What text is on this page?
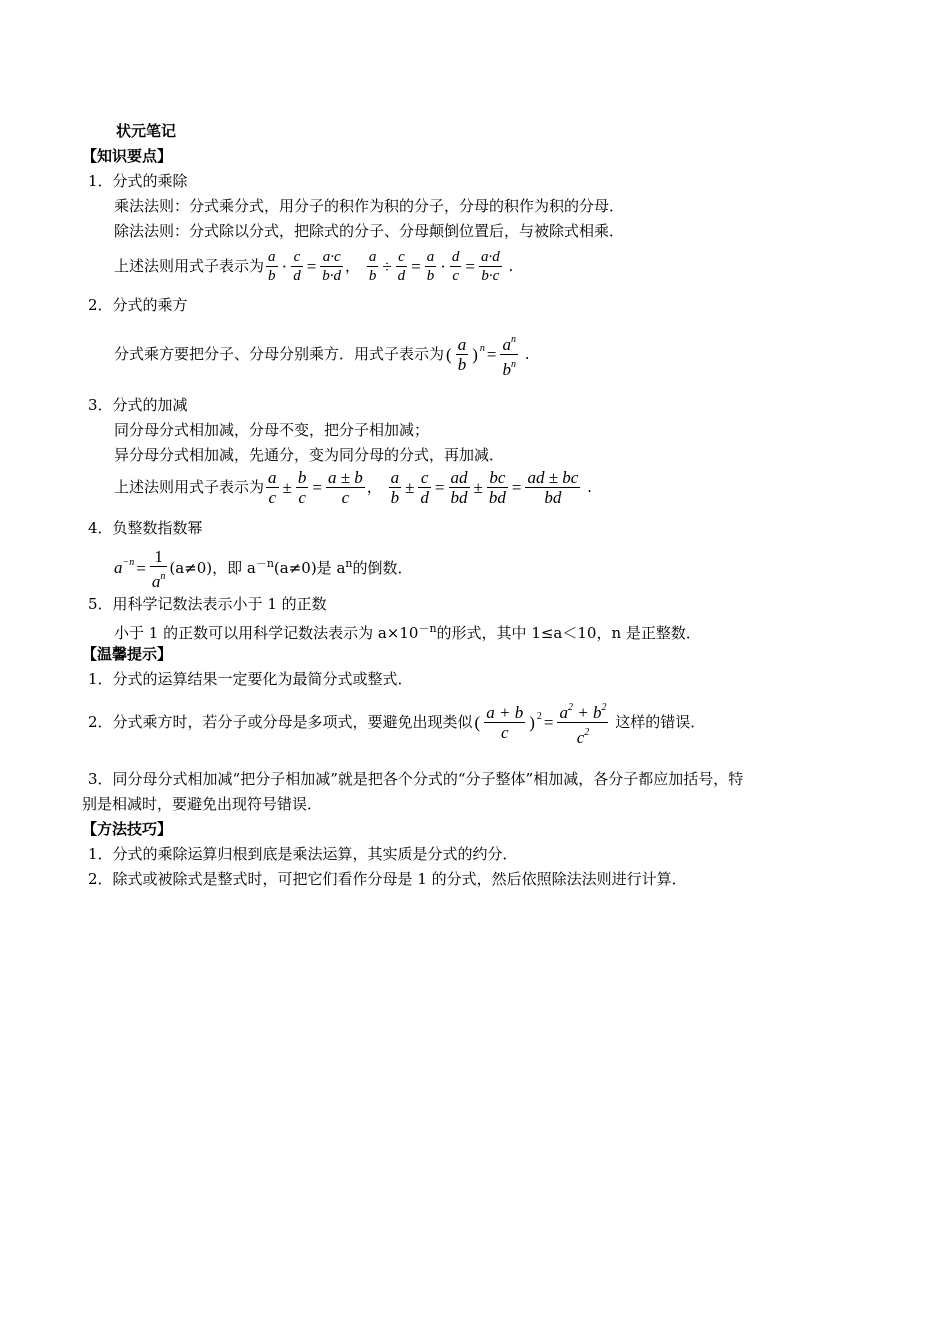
状元笔记
【知识要点】
1．分式的乘除
乘法法则：分式乘分式，用分子的积作为积的分子，分母的积作为积的分母．
除法法则：分式除以分式，把除式的分子、分母颠倒位置后，与被除式相乘．
上述法则用式子表示为 $\frac{a}{b} \cdot \frac{c}{d} = \frac{a\cdot c}{b\cdot d}$ ， $\frac{a}{b} \div \frac{c}{d} = \frac{a}{b} \cdot \frac{d}{c} = \frac{a\cdot d}{b\cdot c}$ .
2．分式的乘方
分式乘方要把分子、分母分别乘方．用式子表示为 ( $\frac{a}{b}$ ) $^n = \frac{a^n}{b^n}$ .
3．分式的加减
同分母分式相加减，分母不变，把分子相加减；
异分母分式相加减，先通分，变为同分母的分式，再加减．
上述法则用式子表示为 $\frac{a}{c} \pm \frac{b}{c} = \frac{a \pm b}{c}$ ， $\frac{a}{b} \pm \frac{c}{d} = \frac{ad}{bd} \pm \frac{bc}{bd} = \frac{ad \pm bc}{bd}$ .
4．负整数指数幂
$a^{-n} = \frac{1}{a^n} (a\ne 0)$，即 $a^{-n}(a\ne 0)$是 $a^n$的倒数．
5．用科学记数法表示小于 1 的正数
小于 1 的正数可以用科学记数法表示为 $a\times 10^{-n}$的形式，其中 1≤a＜10，n 是正整数．
【温馨提示】
1．分式的运算结果一定要化为最简分式或整式．
2．分式乘方时，若分子或分母是多项式，要避免出现类似 ( $\frac{a + b}{c}$ ) $^2 = \frac{a^2 + b^2}{c^2}$ 这样的错误．
3．同分母分式相加减“把分子相加减”就是把各个分式的“分子整体”相加减，各分子都应加括号，特
别是相减时，要避免出现符号错误．
【方法技巧】
1．分式的乘除运算归根到底是乘法运算，其实质是分式的约分．
2．除式或被除式是整式时，可把它们看作分母是 1 的分式，然后依照除法法则进行计算．
